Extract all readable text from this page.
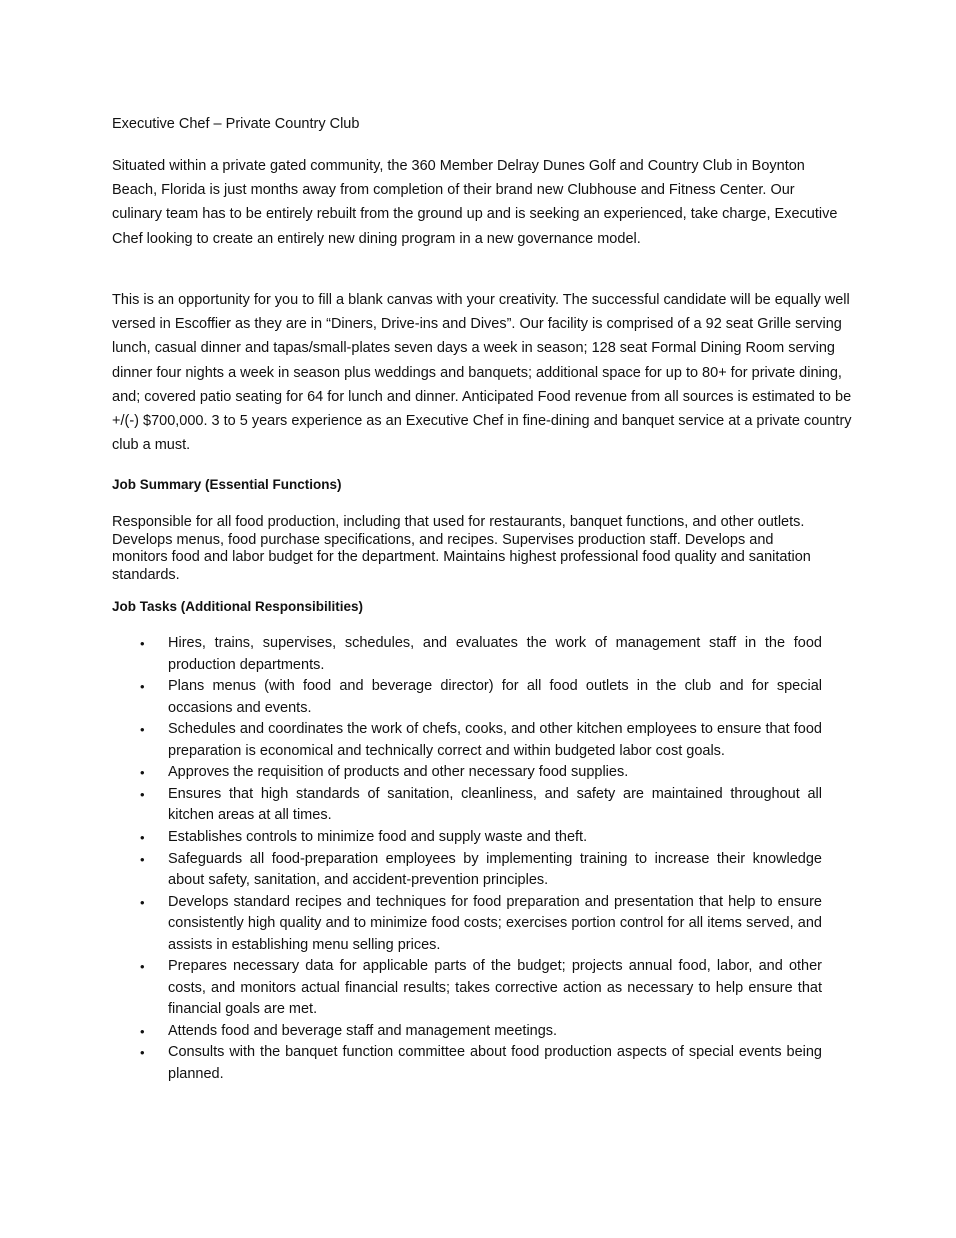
Executive Chef – Private Country Club

Situated within a private gated community, the 360 Member Delray Dunes Golf and Country Club in Boynton Beach, Florida is just months away from completion of their brand new Clubhouse and Fitness Center. Our culinary team has to be entirely rebuilt from the ground up and is seeking an experienced, take charge, Executive Chef looking to create an entirely new dining program in a new governance model.

This is an opportunity for you to fill a blank canvas with your creativity. The successful candidate will be equally well versed in Escoffier as they are in “Diners, Drive-ins and Dives”. Our facility is comprised of a 92 seat Grille serving lunch, casual dinner and tapas/small-plates seven days a week in season; 128 seat Formal Dining Room serving dinner four nights a week in season plus weddings and banquets; additional space for up to 80+ for private dining, and; covered patio seating for 64 for lunch and dinner. Anticipated Food revenue from all sources is estimated to be +/(-) $700,000. 3 to 5 years experience as an Executive Chef in fine-dining and banquet service at a private country club a must.

Job Summary (Essential Functions)

Responsible for all food production, including that used for restaurants, banquet functions, and other outlets. Develops menus, food purchase specifications, and recipes. Supervises production staff. Develops and monitors food and labor budget for the department. Maintains highest professional food quality and sanitation standards.

Job Tasks (Additional Responsibilities)

•	Hires, trains, supervises, schedules, and evaluates the work of management staff in the food production departments.
•	Plans menus (with food and beverage director) for all food outlets in the club and for special occasions and events.
•	Schedules and coordinates the work of chefs, cooks, and other kitchen employees to ensure that food preparation is economical and technically correct and within budgeted labor cost goals.
•	Approves the requisition of products and other necessary food supplies.
•	Ensures that high standards of sanitation, cleanliness, and safety are maintained throughout all kitchen areas at all times.
•	Establishes controls to minimize food and supply waste and theft.
•	Safeguards all food-preparation employees by implementing training to increase their knowledge about safety, sanitation, and accident-prevention principles.
•	Develops standard recipes and techniques for food preparation and presentation that help to ensure consistently high quality and to minimize food costs; exercises portion control for all items served, and assists in establishing menu selling prices.
•	Prepares necessary data for applicable parts of the budget; projects annual food, labor, and other costs, and monitors actual financial results; takes corrective action as necessary to help ensure that financial goals are met.
•	Attends food and beverage staff and management meetings.
•	Consults with the banquet function committee about food production aspects of special events being planned.
